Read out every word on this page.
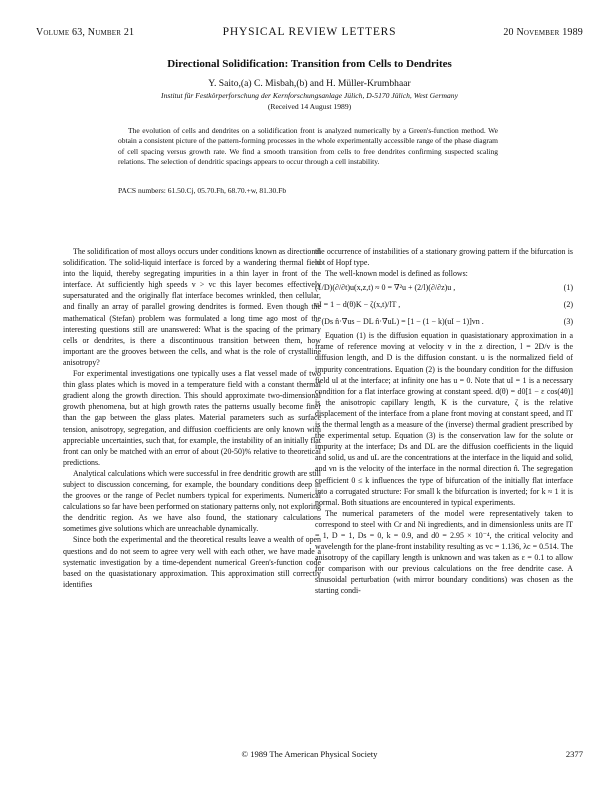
Volume 63, Number 21	PHYSICAL REVIEW LETTERS	20 November 1989
Directional Solidification: Transition from Cells to Dendrites
Y. Saito,(a) C. Misbah,(b) and H. Müller-Krumbhaar
Institut für Festkörperforschung der Kernforschungsanlage Jülich, D-5170 Jülich, West Germany
(Received 14 August 1989)
The evolution of cells and dendrites on a solidification front is analyzed numerically by a Green's-function method. We obtain a consistent picture of the pattern-forming processes in the whole experimentally accessible range of the phase diagram of cell spacing versus growth rate. We find a smooth transition from cells to free dendrites confirming suspected scaling relations. The selection of dendritic spacings appears to occur through a cell instability.
PACS numbers: 61.50.Cj, 05.70.Fh, 68.70.+w, 81.30.Fb

The solidification of most alloys occurs under conditions known as directional solidification. The solid-liquid interface is forced by a wandering thermal field into the liquid, thereby segregating impurities in a thin layer in front of the interface. At sufficiently high speeds v > vc this layer becomes effectively supersaturated and the originally flat interface becomes wrinkled, then cellular, and finally an array of parallel growing dendrites is formed. Even though the mathematical (Stefan) problem was formulated a long time ago most of the interesting questions still are unanswered: What is the spacing of the primary cells or dendrites, is there a discontinuous transition between them, how important are the grooves between the cells, and what is the role of crystalline anisotropy?

For experimental investigations one typically uses a flat vessel made of two thin glass plates which is moved in a temperature field with a constant thermal gradient along the growth direction. This should approximate two-dimensional growth phenomena, but at high growth rates the patterns usually become finer than the gap between the glass plates. Material parameters such as surface tension, anisotropy, segregation, and diffusion coefficients are only known with appreciable uncertainties, such that, for example, the instability of an initially flat front can only be matched with an error of about (20-50)% relative to theoretical predictions.

Analytical calculations which were successful in free dendritic growth are still subject to discussion concerning, for example, the boundary conditions deep in the grooves or the range of Peclet numbers typical for experiments. Numerical calculations so far have been performed on stationary patterns only, not exploring the dendritic region. As we have also found, the stationary calculations sometimes give solutions which are unreachable dynamically.

Since both the experimental and the theoretical results leave a wealth of open questions and do not seem to agree very well with each other, we have made a systematic investigation by a time-dependent numerical Green's-function code based on the quasistationary approximation. This approximation still correctly identifies

the occurrence of instabilities of a stationary growing pattern if the bifurcation is not of Hopf type.

The well-known model is defined as follows:

(1/D)(∂/∂t)u(x,z,t) ≈ 0 = ∇²u + (2/l)(∂/∂z)u ,	(1)
uI = 1 − d(θ)K − ζ(x,t)/lT ,	(2)
− (Ds n̂·∇us − DL n̂·∇uL) = [1 − (1 − k)(uI − 1)]vn .	(3)

Equation (1) is the diffusion equation in quasistationary approximation in a frame of reference moving at velocity v in the z direction, l = 2D/v is the diffusion length, and D is the diffusion constant. u is the normalized field of impurity concentrations. Equation (2) is the boundary condition for the diffusion field uI at the interface; at infinity one has u = 0. Note that uI = 1 is a necessary condition for a flat interface growing at constant speed. d(θ) = d0[1 − ε cos(4θ)] is the anisotropic capillary length, K is the curvature, ζ is the relative displacement of the interface from a plane front moving at constant speed, and lT is the thermal length as a measure of the (inverse) thermal gradient prescribed by the experimental setup. Equation (3) is the conservation law for the solute or impurity at the interface; Ds and DL are the diffusion coefficients in the liquid and solid, us and uL are the concentrations at the interface in the liquid and solid, and vn is the velocity of the interface in the normal direction n̂. The segregation coefficient 0 ≤ k influences the type of bifurcation of the initially flat interface into a corrugated structure: For small k the bifurcation is inverted; for k ≈ 1 it is normal. Both situations are encountered in typical experiments.

The numerical parameters of the model were representatively taken to correspond to steel with Cr and Ni ingredients, and in dimensionless units are lT = 1, D = 1, Ds = 0, k = 0.9, and d0 = 2.95 × 10⁻⁴, the critical velocity and wavelength for the plane-front instability resulting as vc = 1.136, λc = 0.514. The anisotropy of the capillary length is unknown and was taken as ε = 0.1 to allow for comparison with our previous calculations on the free dendrite case. A sinusoidal perturbation (with mirror boundary conditions) was chosen as the starting condi-

© 1989 The American Physical Society	2377
